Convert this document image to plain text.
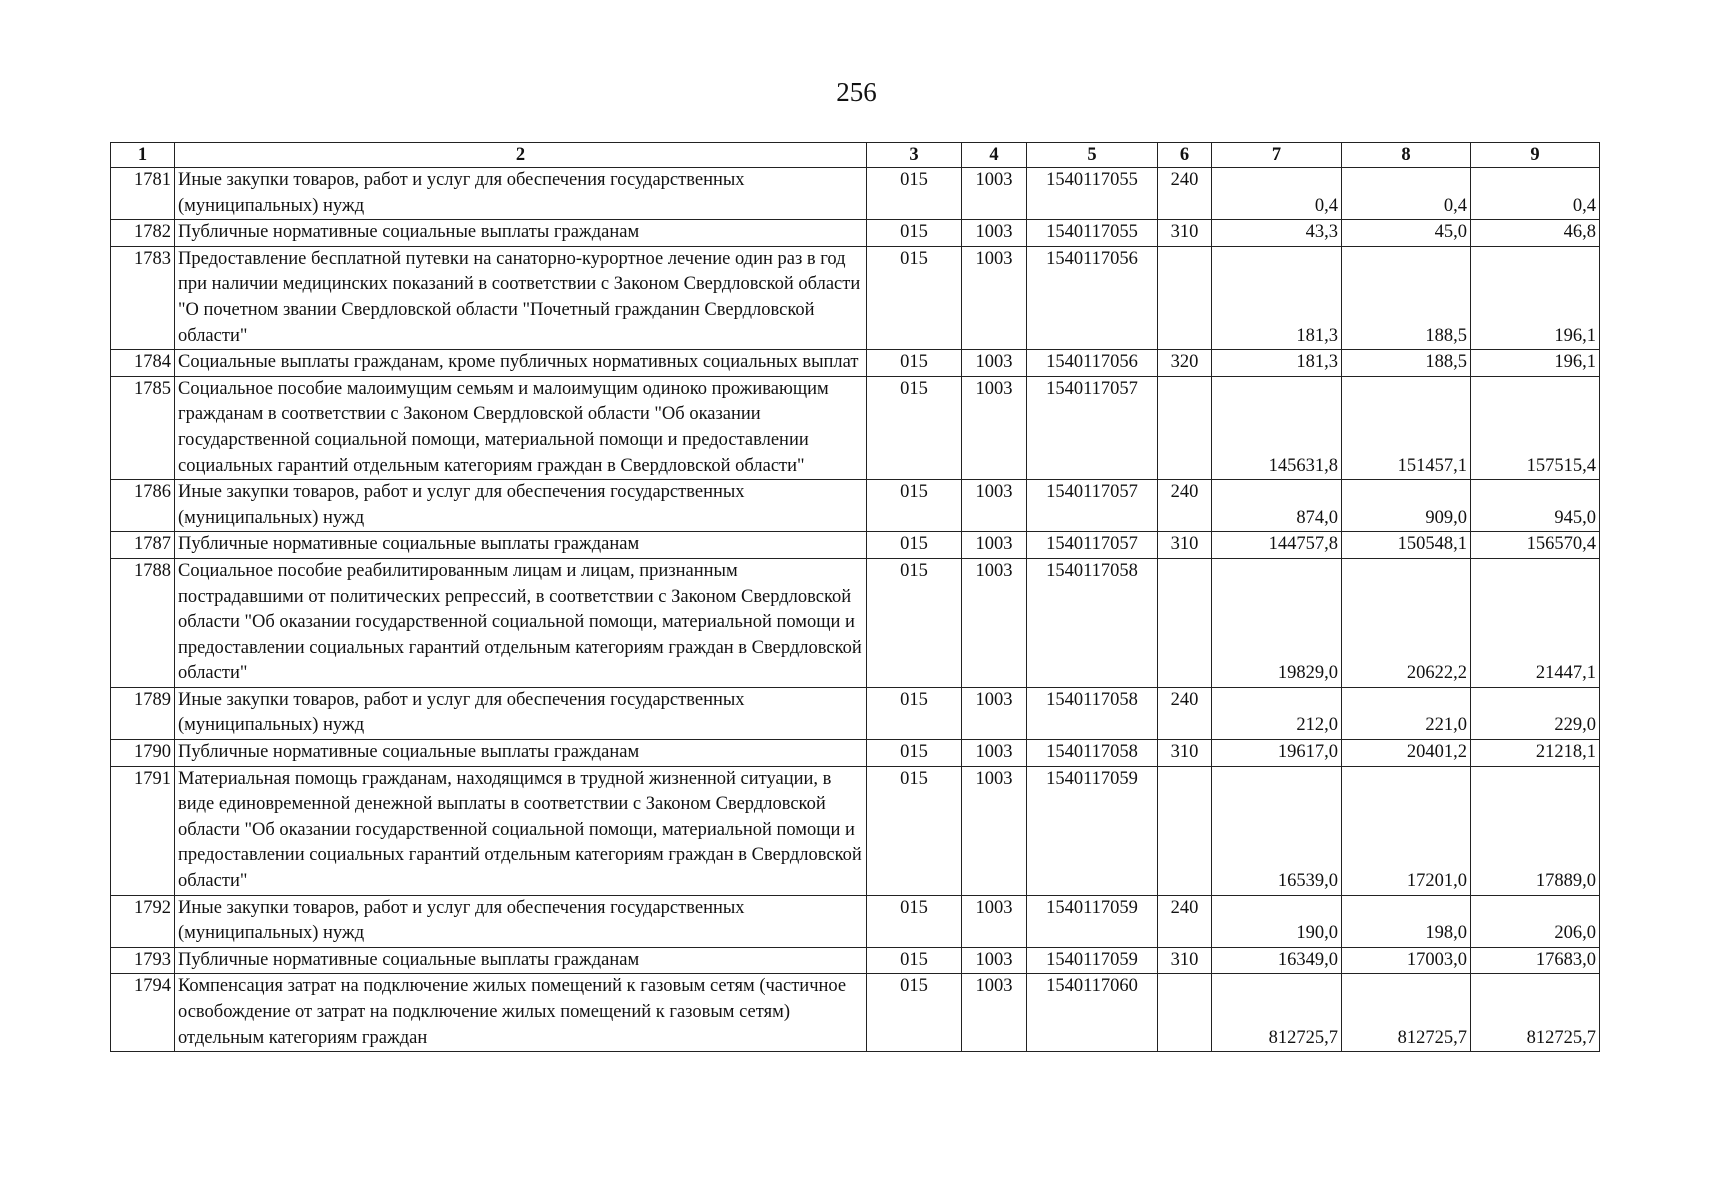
256
1	2	3	4	5	6	7	8	9
1781	Иные закупки товаров, работ и услуг для обеспечения государственных (муниципальных) нужд	015	1003	1540117055	240	0,4	0,4	0,4
1782	Публичные нормативные социальные выплаты гражданам	015	1003	1540117055	310	43,3	45,0	46,8
1783	Предоставление бесплатной путевки на санаторно-курортное лечение один раз в год при наличии медицинских показаний в соответствии с Законом Свердловской области "О почетном звании Свердловской области "Почетный гражданин Свердловской области"	015	1003	1540117056		181,3	188,5	196,1
1784	Социальные выплаты гражданам, кроме публичных нормативных социальных выплат	015	1003	1540117056	320	181,3	188,5	196,1
1785	Социальное пособие малоимущим семьям и малоимущим одиноко проживающим гражданам в соответствии с Законом Свердловской области "Об оказании государственной социальной помощи, материальной помощи и предоставлении социальных гарантий отдельным категориям граждан в Свердловской области"	015	1003	1540117057		145631,8	151457,1	157515,4
1786	Иные закупки товаров, работ и услуг для обеспечения государственных (муниципальных) нужд	015	1003	1540117057	240	874,0	909,0	945,0
1787	Публичные нормативные социальные выплаты гражданам	015	1003	1540117057	310	144757,8	150548,1	156570,4
1788	Социальное пособие реабилитированным лицам и лицам, признанным пострадавшими от политических репрессий, в соответствии с Законом Свердловской области "Об оказании государственной социальной помощи, материальной помощи и предоставлении социальных гарантий отдельным категориям граждан в Свердловской области"	015	1003	1540117058		19829,0	20622,2	21447,1
1789	Иные закупки товаров, работ и услуг для обеспечения государственных (муниципальных) нужд	015	1003	1540117058	240	212,0	221,0	229,0
1790	Публичные нормативные социальные выплаты гражданам	015	1003	1540117058	310	19617,0	20401,2	21218,1
1791	Материальная помощь гражданам, находящимся в трудной жизненной ситуации, в виде единовременной денежной выплаты в соответствии с Законом Свердловской области "Об оказании государственной социальной помощи, материальной помощи и предоставлении социальных гарантий отдельным категориям граждан в Свердловской области"	015	1003	1540117059		16539,0	17201,0	17889,0
1792	Иные закупки товаров, работ и услуг для обеспечения государственных (муниципальных) нужд	015	1003	1540117059	240	190,0	198,0	206,0
1793	Публичные нормативные социальные выплаты гражданам	015	1003	1540117059	310	16349,0	17003,0	17683,0
1794	Компенсация затрат на подключение жилых помещений к газовым сетям (частичное освобождение от затрат на подключение жилых помещений к газовым сетям) отдельным категориям граждан	015	1003	1540117060		812725,7	812725,7	812725,7
